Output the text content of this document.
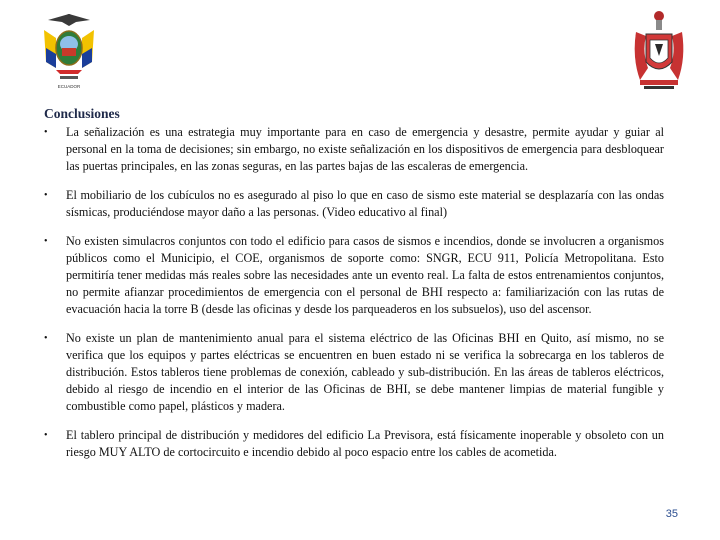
ECUADOR
Conclusiones
•	La señalización es una estrategia muy importante para en caso de emergencia y desastre, permite ayudar y guiar al personal en la toma de decisiones; sin embargo, no existe señalización en los dispositivos de emergencia para desbloquear las puertas principales, en las zonas seguras, en las partes bajas de las escaleras de emergencia.
•	El mobiliario de los cubículos no es asegurado al piso lo que en caso de sismo este material se desplazaría con las ondas sísmicas, produciéndose mayor daño a las personas. (Video educativo al final)
•	No existen simulacros conjuntos con todo el edificio para casos de sismos e incendios, donde se involucren a organismos públicos como el Municipio, el COE, organismos de soporte como: SNGR, ECU 911, Policía Metropolitana. Esto permitiría tener medidas más reales sobre las necesidades ante un evento real. La falta de estos entrenamientos conjuntos, no permite afianzar procedimientos de emergencia con el personal de BHI respecto a: familiarización con las rutas de evacuación hacia la torre B (desde las oficinas y desde los parqueaderos en los subsuelos), uso del ascensor.
•	No existe un plan de mantenimiento anual para el sistema eléctrico de las Oficinas BHI en Quito, así mismo, no se verifica que los equipos y partes eléctricas se encuentren en buen estado ni se verifica la sobrecarga en los tableros de distribución. Estos tableros tiene problemas de conexión, cableado y sub-distribución. En las áreas de tableros eléctricos, debido al riesgo de incendio en el interior de las Oficinas de BHI, se debe mantener limpias de material fungible y combustible como papel, plásticos y madera.
•	El tablero principal de distribución y medidores del edificio La Previsora, está físicamente inoperable y obsoleto con un riesgo MUY ALTO de cortocircuito e incendio debido al poco espacio entre los cables de acometida.
35
